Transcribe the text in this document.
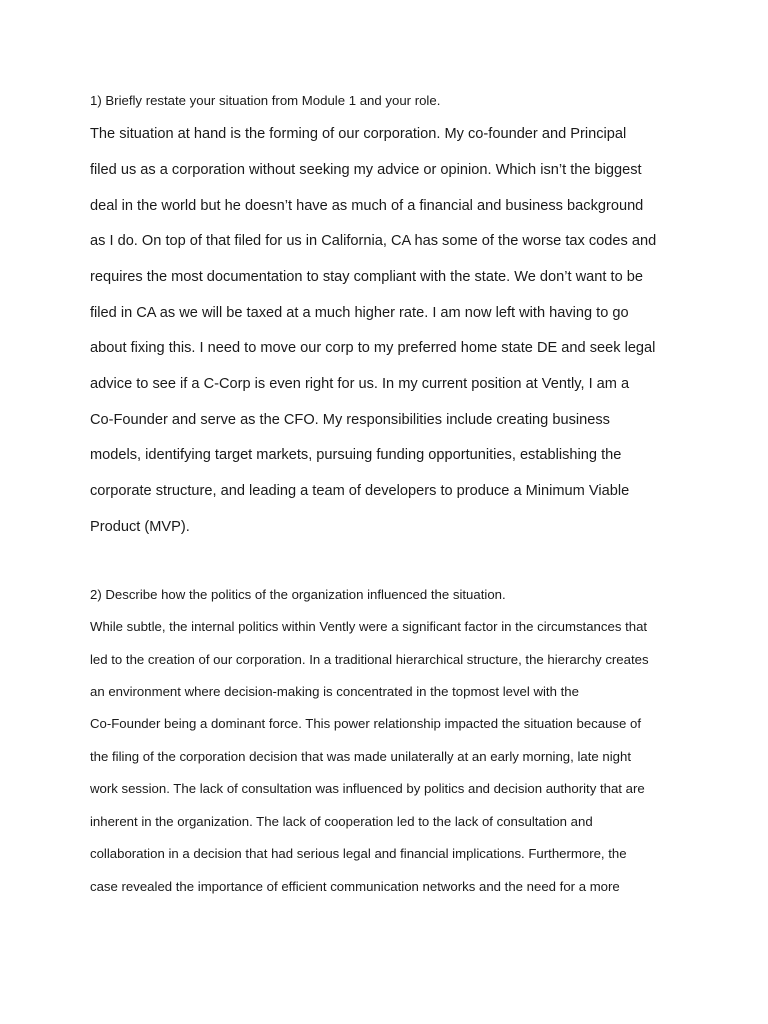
1) Briefly restate your situation from Module 1 and your role.

The situation at hand is the forming of our corporation. My co-founder and Principal

filed us as a corporation without seeking my advice or opinion. Which isn’t the biggest

deal in the world but he doesn’t have as much of a financial and business background

as I do. On top of that filed for us in California, CA has some of the worse tax codes and

requires the most documentation to stay compliant with the state. We don’t want to be

filed in CA as we will be taxed at a much higher rate. I am now left with having to go

about fixing this. I need to move our corp to my preferred home state DE and seek legal

advice to see if a C-Corp is even right for us. In my current position at Vently, I am a

Co-Founder and serve as the CFO. My responsibilities include creating business

models, identifying target markets, pursuing funding opportunities, establishing the

corporate structure, and leading a team of developers to produce a Minimum Viable

Product (MVP).

2) Describe how the politics of the organization influenced the situation.

While subtle, the internal politics within Vently were a significant factor in the circumstances that

led to the creation of our corporation. In a traditional hierarchical structure, the hierarchy creates

an environment where decision-making is concentrated in the topmost level with the

Co-Founder being a dominant force. This power relationship impacted the situation because of

the filing of the corporation decision that was made unilaterally at an early morning, late night

work session. The lack of consultation was influenced by politics and decision authority that are

inherent in the organization. The lack of cooperation led to the lack of consultation and

collaboration in a decision that had serious legal and financial implications. Furthermore, the

case revealed the importance of efficient communication networks and the need for a more
